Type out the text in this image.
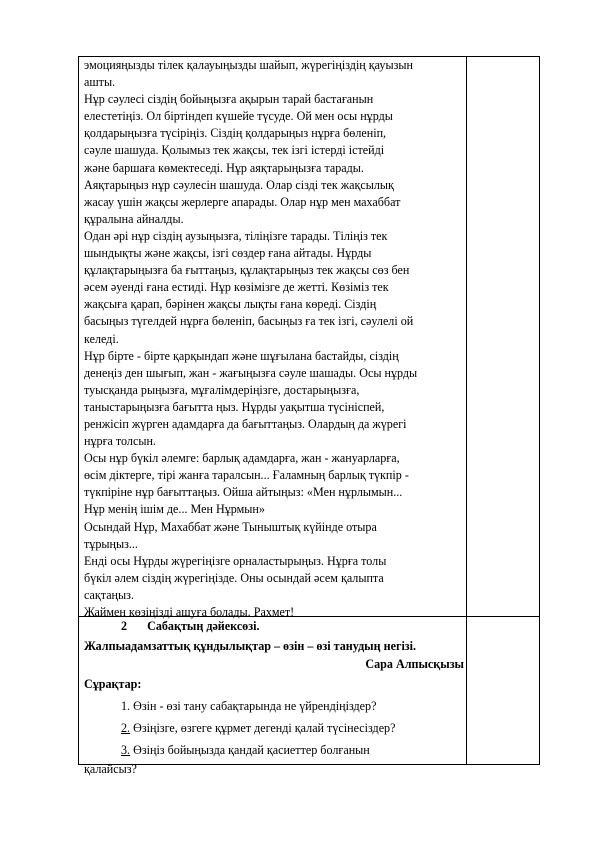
эмоцияңызды тілек қалауыңызды шайып, жүрегіңіздің қауызын
ашты.
Нұр сәулесі сіздің бойыңызға ақырын тарай бастағанын
елестетіңіз. Ол біртіндеп күшейе түсуде. Ой мен осы нұрды
қолдарыңызға түсіріңіз. Сіздің қолдарыңыз нұрға бөленіп,
сәуле шашуда. Қолымыз тек жақсы, тек ізгі істерді істейді
және баршаға көмектеседі. Нұр аяқтарыңызға тарады.
Аяқтарыңыз нұр сәулесін шашуда. Олар сізді тек жақсылық
жасау үшін жақсы жерлерге апарады. Олар нұр мен махаббат
құралына айналды.
Одан әрі нұр сіздің аузыңызға, тіліңізге тарады. Тіліңіз тек
шындықты және жақсы, ізгі сөздер ғана айтады. Нұрды
құлақтарыңызға ба ғыттаңыз, құлақтарыңыз тек жақсы сөз бен
әсем әуенді ғана естиді. Нұр көзімізге де жетті. Көзіміз тек
жақсыға қарап, бәрінен жақсы лықты ғана көреді. Сіздің
басыңыз түгелдей нұрға бөленіп, басыңыз ға тек ізгі, сәулелі ой
келеді.
Нұр бірте - бірте қарқындап және шұғылана бастайды, сіздің
денеңіз ден шығып, жан - жағыңызға сәуле шашады. Осы нұрды
туысқанда рыңызға, мұғалімдеріңізге, достарыңызға,
таныстарыңызға бағытта ңыз. Нұрды уақытша түсініспей,
ренжісіп жүрген адамдарға да бағыттаңыз. Олардың да жүрегі
нұрға толсын.
Осы нұр бүкіл әлемге: барлық адамдарға, жан - жануарларға,
өсім діктерге, тірі жанға таралсын... Ғаламның барлық түкпір -
түкпіріне нұр бағыттаңыз. Ойша айтыңыз: «Мен нұрлымын...
Нұр менің ішім де... Мен Нұрмын»
Осындай Нұр, Махаббат және Тыныштық күйінде отыра
тұрыңыз...
Енді осы Нұрды жүрегіңізге орналастырыңыз. Нұрға толы
бүкіл әлем сіздің жүрегіңізде. Оны осындай әсем қалыпта
сақтаңыз.
Жаймен көзіңізді ашуға болады. Рахмет!
2 Сабақтың дәйексөзі.
Жалпыадамзаттық құндылықтар – өзін – өзі танудың негізі.
Сара Алпысқызы
Сұрақтар:
1. Өзін - өзі тану сабақтарында не үйрендіңіздер?
2. Өзіңізге, өзгеге құрмет дегенді қалай түсінесіздер?
3. Өзіңіз бойыңызда қандай қасиеттер болғанын
қалайсыз?
